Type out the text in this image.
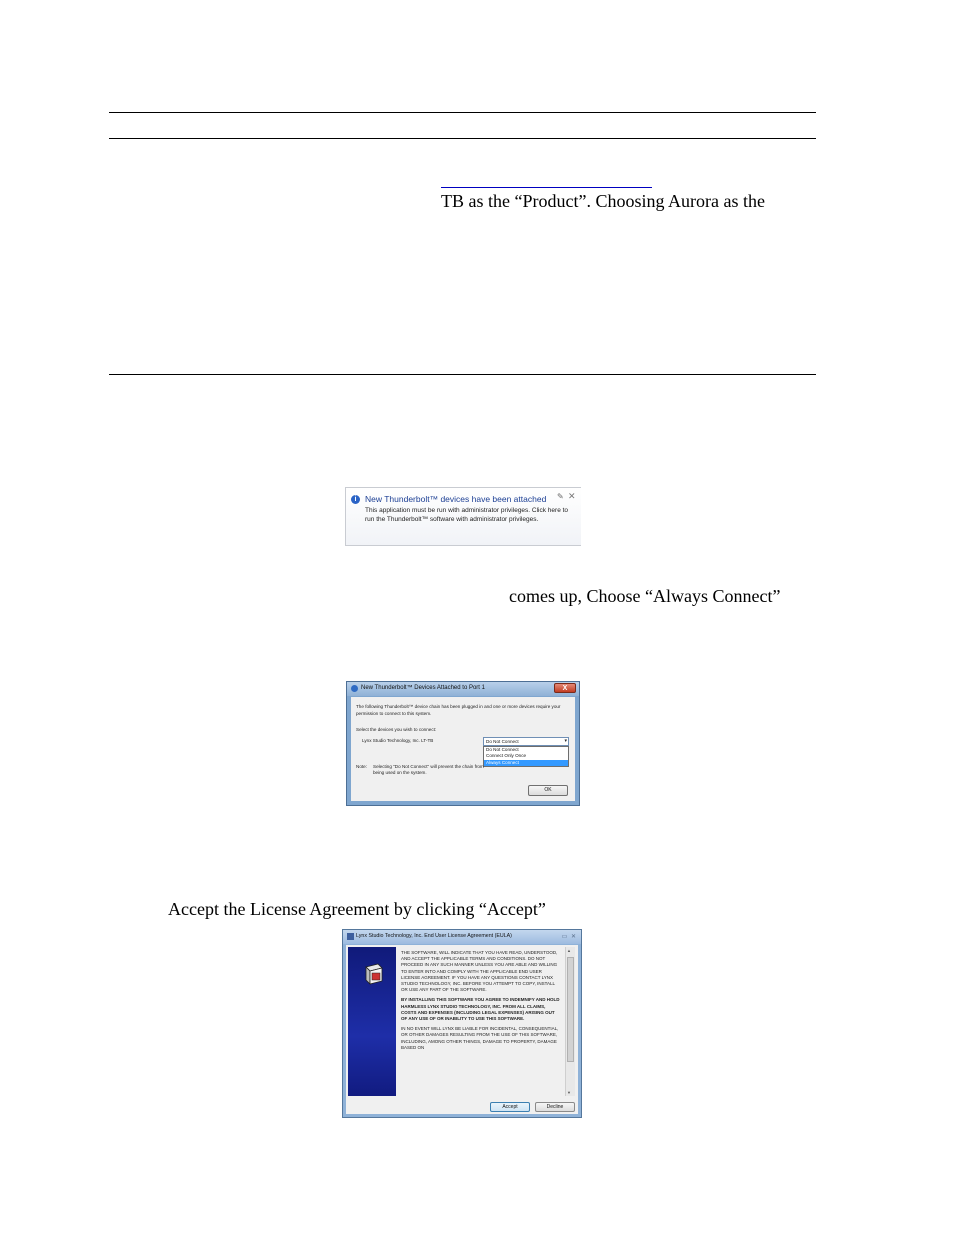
TB as the “Product”. Choosing Aurora as the
i	New Thunderbolt™ devices have been attached ✎ ✕
This application must be run with administrator privileges. Click here to run the Thunderbolt™ software with administrator privileges.
comes up, Choose “Always Connect”
New Thunderbolt™ Devices Attached to Port 1	X
The following Thunderbolt™ device chain has been plugged in and one or more devices require your permission to connect to this system.
Select the devices you wish to connect:
Lynx Studio Technology, Inc. LT-TB	Do Not Connect	▾
Do Not Connect
Connect Only Once
Always Connect
Note: Selecting "Do Not Connect" will prevent the chain from being used on the system.
OK
Accept the License Agreement by clicking “Accept”
Lynx Studio Technology, Inc. End User License Agreement (EULA)	▭ ✕

THE SOFTWARE, WILL INDICATE THAT YOU HAVE READ, UNDERSTOOD, AND ACCEPT THE APPLICABLE TERMS AND CONDITIONS. DO NOT PROCEED IN ANY SUCH MANNER UNLESS YOU ARE ABLE AND WILLING TO ENTER INTO AND COMPLY WITH THE APPLICABLE END USER LICENSE AGREEMENT. IF YOU HAVE ANY QUESTIONS CONTACT LYNX STUDIO TECHNOLOGY, INC. BEFORE YOU ATTEMPT TO COPY, INSTALL OR USE ANY PART OF THE SOFTWARE.

BY INSTALLING THIS SOFTWARE YOU AGREE TO INDEMNIFY AND HOLD HARMLESS LYNX STUDIO TECHNOLOGY, INC. FROM ALL CLAIMS, COSTS AND EXPENSES (INCLUDING LEGAL EXPENSES) ARISING OUT OF ANY USE OF OR INABILITY TO USE THIS SOFTWARE.

IN NO EVENT WILL LYNX BE LIABLE FOR INCIDENTAL, CONSEQUENTIAL, OR OTHER DAMAGES RESULTING FROM THE USE OF THIS SOFTWARE, INCLUDING, AMONG OTHER THINGS, DAMAGE TO PROPERTY, DAMAGE BASED ON

▲
▼
Accept	Decline
